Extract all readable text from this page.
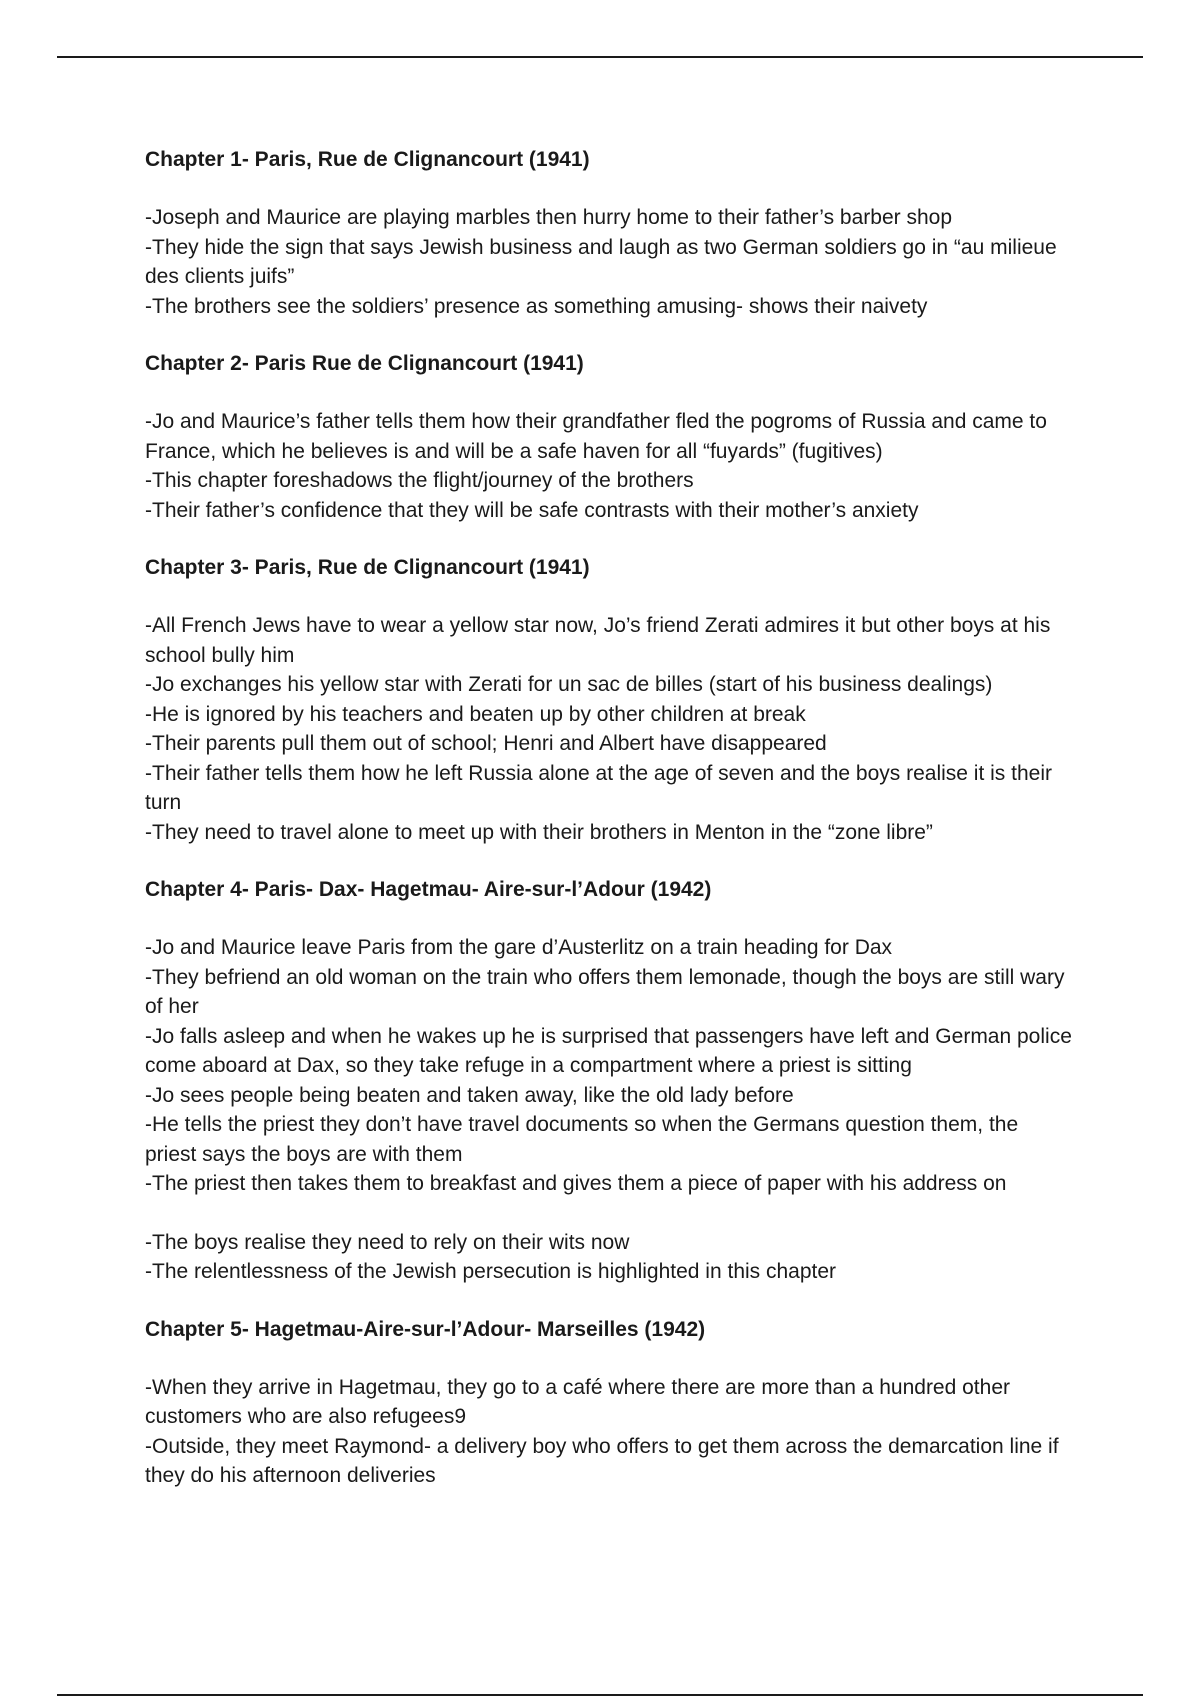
Chapter 1- Paris, Rue de Clignancourt (1941)

-Joseph and Maurice are playing marbles then hurry home to their father’s barber shop

-They hide the sign that says Jewish business and laugh as two German soldiers go in “au milieue des clients juifs”

-The brothers see the soldiers’ presence as something amusing- shows their naivety

Chapter 2- Paris Rue de Clignancourt (1941)

-Jo and Maurice’s father tells them how their grandfather fled the pogroms of Russia and came to France, which he believes is and will be a safe haven for all “fuyards” (fugitives)

-This chapter foreshadows the flight/journey of the brothers

-Their father’s confidence that they will be safe contrasts with their mother’s anxiety

Chapter 3- Paris, Rue de Clignancourt (1941)

-All French Jews have to wear a yellow star now, Jo’s friend Zerati admires it but other boys at his school bully him

-Jo exchanges his yellow star with Zerati for un sac de billes (start of his business dealings)

-He is ignored by his teachers and beaten up by other children at break

-Their parents pull them out of school; Henri and Albert have disappeared

-Their father tells them how he left Russia alone at the age of seven and the boys realise it is their turn

-They need to travel alone to meet up with their brothers in Menton in the “zone libre”

Chapter 4- Paris- Dax- Hagetmau- Aire-sur-l’Adour (1942)

-Jo and Maurice leave Paris from the gare d’Austerlitz on a train heading for Dax

-They befriend an old woman on the train who offers them lemonade, though the boys are still wary of her

-Jo falls asleep and when he wakes up he is surprised that passengers have left and German police come aboard at Dax, so they take refuge in a compartment where a priest is sitting

-Jo sees people being beaten and taken away, like the old lady before

-He tells the priest they don’t have travel documents so when the Germans question them, the priest says the boys are with them

-The priest then takes them to breakfast and gives them a piece of paper with his address on

-The boys realise they need to rely on their wits now

-The relentlessness of the Jewish persecution is highlighted in this chapter

Chapter 5- Hagetmau-Aire-sur-l’Adour- Marseilles (1942)

-When they arrive in Hagetmau, they go to a café where there are more than a hundred other customers who are also refugees9

-Outside, they meet Raymond- a delivery boy who offers to get them across the demarcation line if they do his afternoon deliveries
